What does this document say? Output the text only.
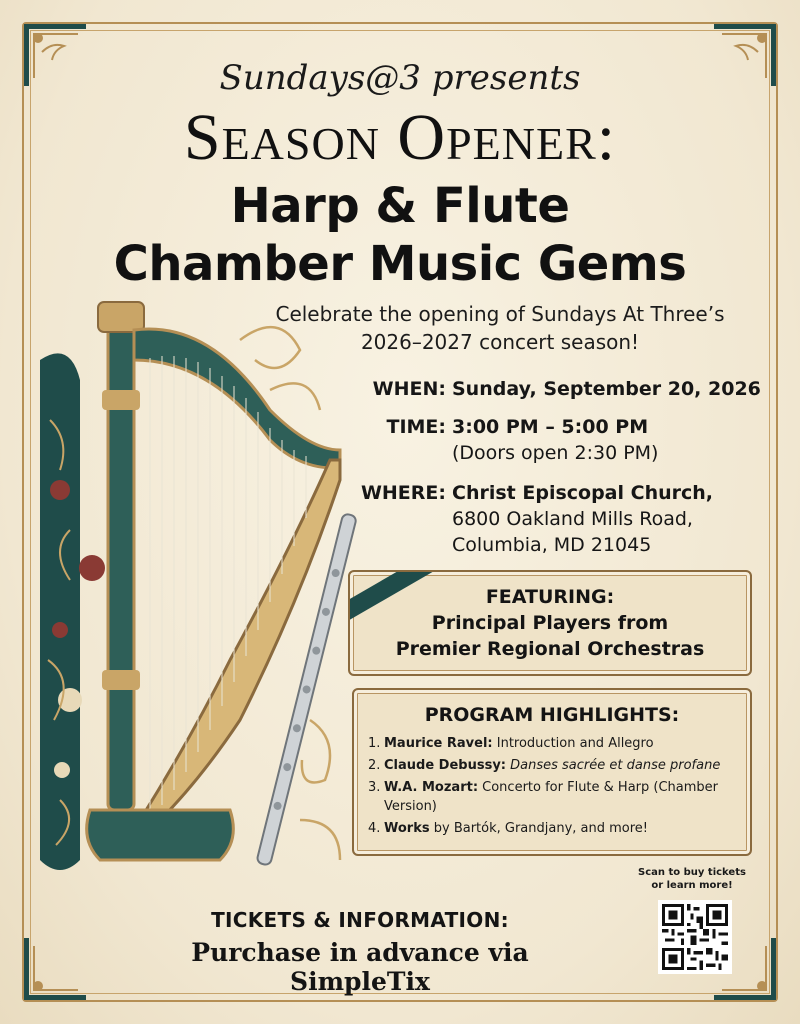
Sundays@3 presents
Season Opener:
Harp & Flute
Chamber Music Gems
Celebrate the opening of Sundays At Three’s
2026–2027 concert season!
WHEN: Sunday, September 20, 2026
TIME: 3:00 PM – 5:00 PM
(Doors open 2:30 PM)
WHERE: Christ Episcopal Church,
6800 Oakland Mills Road,
Columbia, MD 21045
FEATURING:
Principal Players from
Premier Regional Orchestras
PROGRAM HIGHLIGHTS:
1. Maurice Ravel: Introduction and Allegro
2. Claude Debussy: Danses sacrée et danse profane
3. W.A. Mozart: Concerto for Flute & Harp (Chamber Version)
4. Works by Bartók, Grandjany, and more!
Scan to buy tickets
or learn more!
TICKETS & INFORMATION:
Purchase in advance via SimpleTix
